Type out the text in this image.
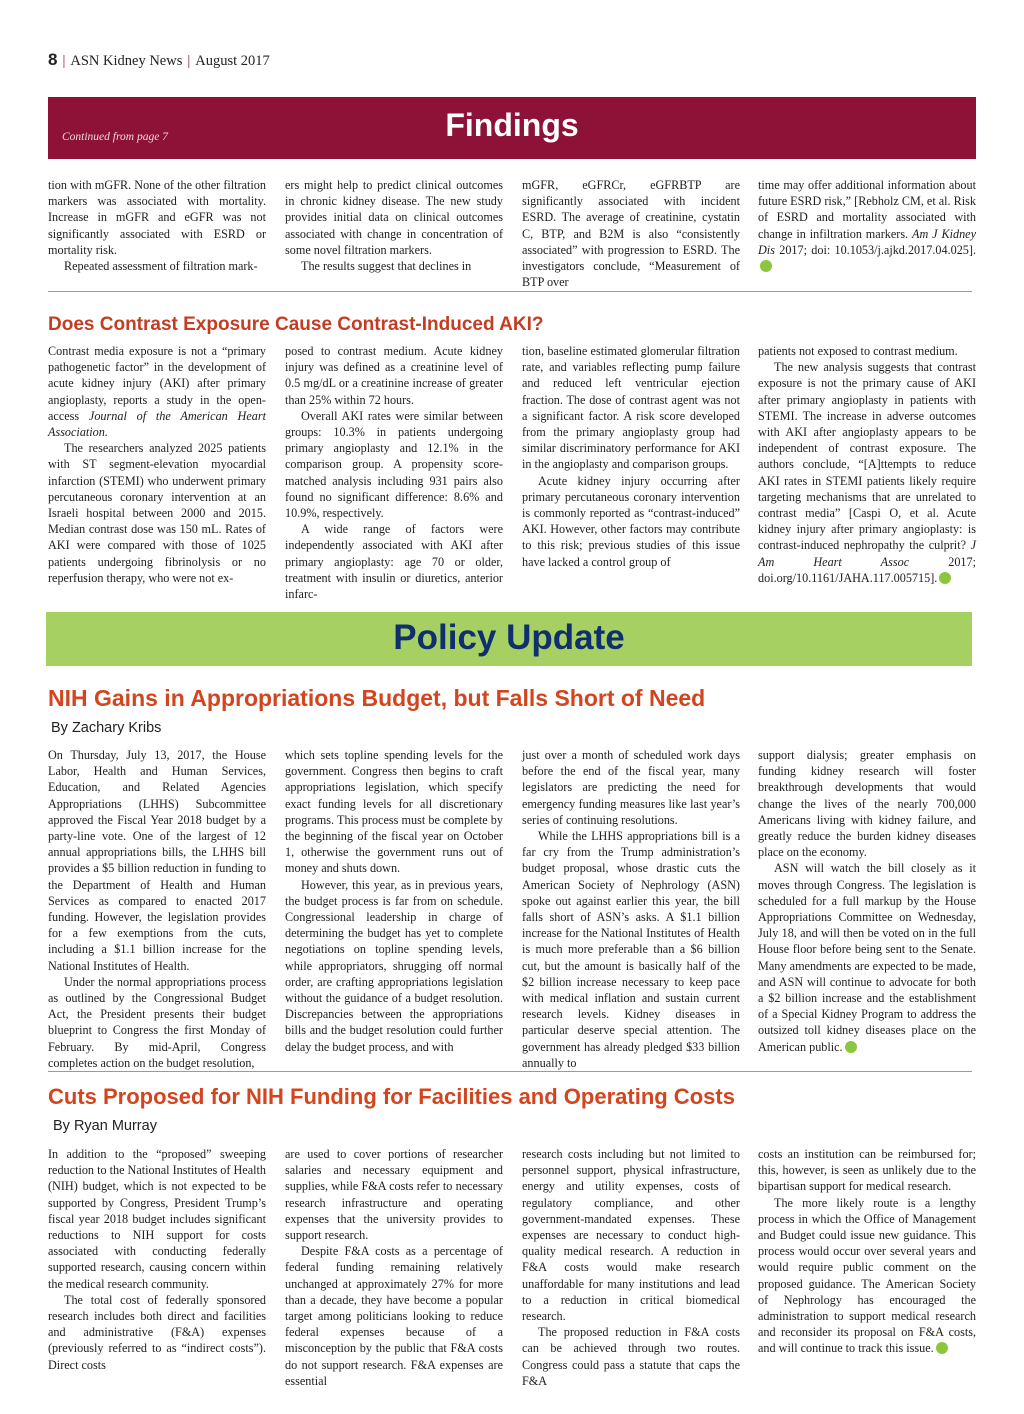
8 | ASN Kidney News | August 2017
Continued from page 7	Findings

tion with mGFR. None of the other filtration markers was associated with mortality. Increase in mGFR and eGFR was not significantly associated with ESRD or mortality risk.

Repeated assessment of filtration mark-

ers might help to predict clinical outcomes in chronic kidney disease. The new study provides initial data on clinical outcomes associated with change in concentration of some novel filtration markers.

The results suggest that declines in

mGFR, eGFRCr, eGFRBTP are significantly associated with incident ESRD. The average of creatinine, cystatin C, BTP, and B2M is also “consistently associated” with progression to ESRD. The investigators conclude, “Measurement of BTP over

time may offer additional information about future ESRD risk,” [Rebholz CM, et al. Risk of ESRD and mortality associated with change in infiltration markers. Am J Kidney Dis 2017; doi: 10.1053/j.ajkd.2017.04.025].

Does Contrast Exposure Cause Contrast-Induced AKI?

Contrast media exposure is not a “primary pathogenetic factor” in the development of acute kidney injury (AKI) after primary angioplasty, reports a study in the open-access Journal of the American Heart Association.

The researchers analyzed 2025 patients with ST segment-elevation myocardial infarction (STEMI) who underwent primary percutaneous coronary intervention at an Israeli hospital between 2000 and 2015. Median contrast dose was 150 mL. Rates of AKI were compared with those of 1025 patients undergoing fibrinolysis or no reperfusion therapy, who were not ex-

posed to contrast medium. Acute kidney injury was defined as a creatinine level of 0.5 mg/dL or a creatinine increase of greater than 25% within 72 hours.

Overall AKI rates were similar between groups: 10.3% in patients undergoing primary angioplasty and 12.1% in the comparison group. A propensity score-matched analysis including 931 pairs also found no significant difference: 8.6% and 10.9%, respectively.

A wide range of factors were independently associated with AKI after primary angioplasty: age 70 or older, treatment with insulin or diuretics, anterior infarc-

tion, baseline estimated glomerular filtration rate, and variables reflecting pump failure and reduced left ventricular ejection fraction. The dose of contrast agent was not a significant factor. A risk score developed from the primary angioplasty group had similar discriminatory performance for AKI in the angioplasty and comparison groups.

Acute kidney injury occurring after primary percutaneous coronary intervention is commonly reported as “contrast-induced” AKI. However, other factors may contribute to this risk; previous studies of this issue have lacked a control group of

patients not exposed to contrast medium.

The new analysis suggests that contrast exposure is not the primary cause of AKI after primary angioplasty in patients with STEMI. The increase in adverse outcomes with AKI after angioplasty appears to be independent of contrast exposure. The authors conclude, “[A]ttempts to reduce AKI rates in STEMI patients likely require targeting mechanisms that are unrelated to contrast media” [Caspi O, et al. Acute kidney injury after primary angioplasty: is contrast-induced nephropathy the culprit? J Am Heart Assoc	2017; doi.org/10.1161/JAHA.117.005715].

Policy Update
NIH Gains in Appropriations Budget, but Falls Short of Need
By Zachary Kribs

On Thursday, July 13, 2017, the House Labor, Health and Human Services, Education, and Related Agencies Appropriations (LHHS) Subcommittee approved the Fiscal Year 2018 budget by a party-line vote. One of the largest of 12 annual appropriations bills, the LHHS bill provides a $5 billion reduction in funding to the Department of Health and Human Services as compared to enacted 2017 funding. However, the legislation provides for a few exemptions from the cuts, including a $1.1 billion increase for the National Institutes of Health.

Under the normal appropriations process as outlined by the Congressional Budget Act, the President presents their budget blueprint to Congress the first Monday of February. By mid-April, Congress completes action on the budget resolution,

which sets topline spending levels for the government. Congress then begins to craft appropriations legislation, which specify exact funding levels for all discretionary programs. This process must be complete by the beginning of the fiscal year on October 1, otherwise the government runs out of money and shuts down.

However, this year, as in previous years, the budget process is far from on schedule. Congressional leadership in charge of determining the budget has yet to complete negotiations on topline spending levels, while appropriators, shrugging off normal order, are crafting appropriations legislation without the guidance of a budget resolution. Discrepancies between the appropriations bills and the budget resolution could further delay the budget process, and with

just over a month of scheduled work days before the end of the fiscal year, many legislators are predicting the need for emergency funding measures like last year’s series of continuing resolutions.

While the LHHS appropriations bill is a far cry from the Trump administration’s budget proposal, whose drastic cuts the American Society of Nephrology (ASN) spoke out against earlier this year, the bill falls short of ASN’s asks. A $1.1 billion increase for the National Institutes of Health is much more preferable than a $6 billion cut, but the amount is basically half of the $2 billion increase necessary to keep pace with medical inflation and sustain current research levels. Kidney diseases in particular deserve special attention. The government has already pledged $33 billion annually to

support dialysis; greater emphasis on funding kidney research will foster breakthrough developments that would change the lives of the nearly 700,000 Americans living with kidney failure, and greatly reduce the burden kidney diseases place on the economy.

ASN will watch the bill closely as it moves through Congress. The legislation is scheduled for a full markup by the House Appropriations Committee on Wednesday, July 18, and will then be voted on in the full House floor before being sent to the Senate. Many amendments are expected to be made, and ASN will continue to advocate for both a $2 billion increase and the establishment of a Special Kidney Program to address the outsized toll kidney diseases place on the American public.

Cuts Proposed for NIH Funding for Facilities and Operating Costs
By Ryan Murray

In addition to the “proposed” sweeping reduction to the National Institutes of Health (NIH) budget, which is not expected to be supported by Congress, President Trump’s fiscal year 2018 budget includes significant reductions to NIH support for costs associated with conducting federally supported research, causing concern within the medical research community.

The total cost of federally sponsored research includes both direct and facilities and administrative (F&A) expenses (previously referred to as “indirect costs”). Direct costs

are used to cover portions of researcher salaries and necessary equipment and supplies, while F&A costs refer to necessary research infrastructure and operating expenses that the university provides to support research.

Despite F&A costs as a percentage of federal funding remaining relatively unchanged at approximately 27% for more than a decade, they have become a popular target among politicians looking to reduce federal expenses because of a misconception by the public that F&A costs do not support research. F&A expenses are essential

research costs including but not limited to personnel support, physical infrastructure, energy and utility expenses, costs of regulatory compliance, and other government-mandated expenses. These expenses are necessary to conduct high-quality medical research. A reduction in F&A costs would make research unaffordable for many institutions and lead to a reduction in critical biomedical research.

The proposed reduction in F&A costs can be achieved through two routes. Congress could pass a statute that caps the F&A

costs an institution can be reimbursed for; this, however, is seen as unlikely due to the bipartisan support for medical research.

The more likely route is a lengthy process in which the Office of Management and Budget could issue new guidance. This process would occur over several years and would require public comment on the proposed guidance. The American Society of Nephrology has encouraged the administration to support medical research and reconsider its proposal on F&A costs, and will continue to track this issue.
